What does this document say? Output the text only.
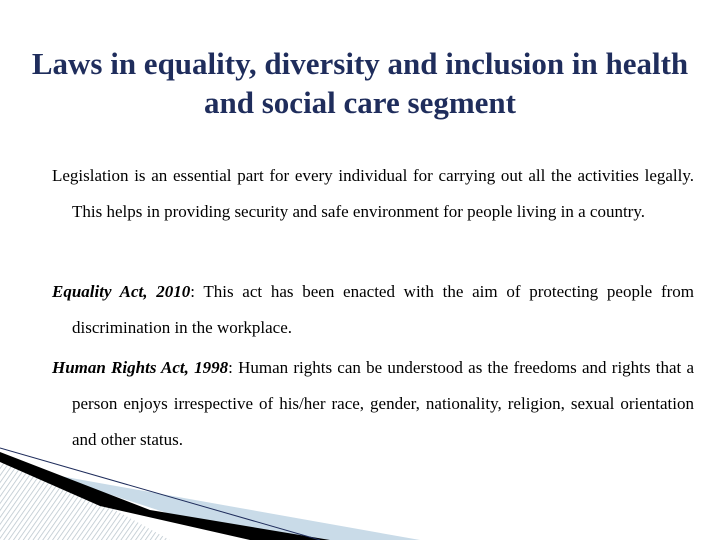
Laws in equality, diversity and inclusion in health and social care segment

Legislation is an essential part for every individual for carrying out all the activities legally. This helps in providing security and safe environment for people living in a country.

Equality Act, 2010: This act has been enacted with the aim of protecting people from discrimination in the workplace.

Human Rights Act, 1998: Human rights can be understood as the freedoms and rights that a person enjoys irrespective of his/her race, gender, nationality, religion, sexual orientation and other status.
